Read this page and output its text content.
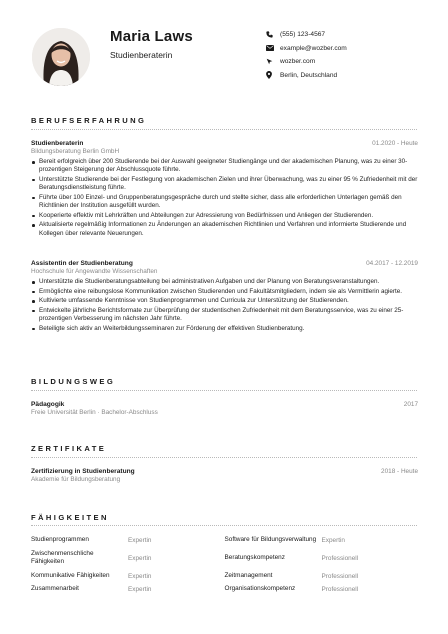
Maria Laws
Studienberaterin
(555) 123-4567
example@wozber.com
wozber.com
Berlin, Deutschland
BERUFSERFAHRUNG
Studienberaterin	01.2020 - Heute
Bildungsberatung Berlin GmbH
Bereit erfolgreich über 200 Studierende bei der Auswahl geeigneter Studiengänge und der akademischen Planung, was zu einer 30-prozentigen Steigerung der Abschlussquote führte.
Unterstützte Studierende bei der Festlegung von akademischen Zielen und ihrer Überwachung, was zu einer 95 % Zufriedenheit mit der Beratungsdienstleistung führte.
Führte über 100 Einzel- und Gruppenberatungsgespräche durch und stellte sicher, dass alle erforderlichen Unterlagen gemäß den Richtlinien der Institution ausgefüllt wurden.
Kooperierte effektiv mit Lehrkräften und Abteilungen zur Adressierung von Bedürfnissen und Anliegen der Studierenden.
Aktualisierte regelmäßig Informationen zu Änderungen an akademischen Richtlinien und Verfahren und informierte Studierende und Kollegen über relevante Neuerungen.
Assistentin der Studienberatung	04.2017 - 12.2019
Hochschule für Angewandte Wissenschaften
Unterstützte die Studienberatungsabteilung bei administrativen Aufgaben und der Planung von Beratungsveranstaltungen.
Ermöglichte eine reibungslose Kommunikation zwischen Studierenden und Fakultätsmitgliedern, indem sie als Vermittlerin agierte.
Kultivierte umfassende Kenntnisse von Studienprogrammen und Curricula zur Unterstützung der Studierenden.
Entwickelte jährliche Berichtsformate zur Überprüfung der studentischen Zufriedenheit mit dem Beratungsservice, was zu einer 25-prozentigen Verbesserung im nächsten Jahr führte.
Beteiligte sich aktiv an Weiterbildungsseminaren zur Förderung der effektiven Studienberatung.
BILDUNGSWEG
Pädagogik	2017
Freie Universität Berlin · Bachelor-Abschluss
ZERTIFIKATE
Zertifizierung in Studienberatung	2018 - Heute
Akademie für Bildungsberatung
FÄHIGKEITEN
Studienprogrammen	Expertin	Software für Bildungsverwaltung Expertin
Zwischenmenschliche Fähigkeiten	Expertin	Beratungskompetenz	Professionell
Kommunikative Fähigkeiten	Expertin	Zeitmanagement	Professionell
Zusammenarbeit	Expertin	Organisationskompetenz	Professionell
